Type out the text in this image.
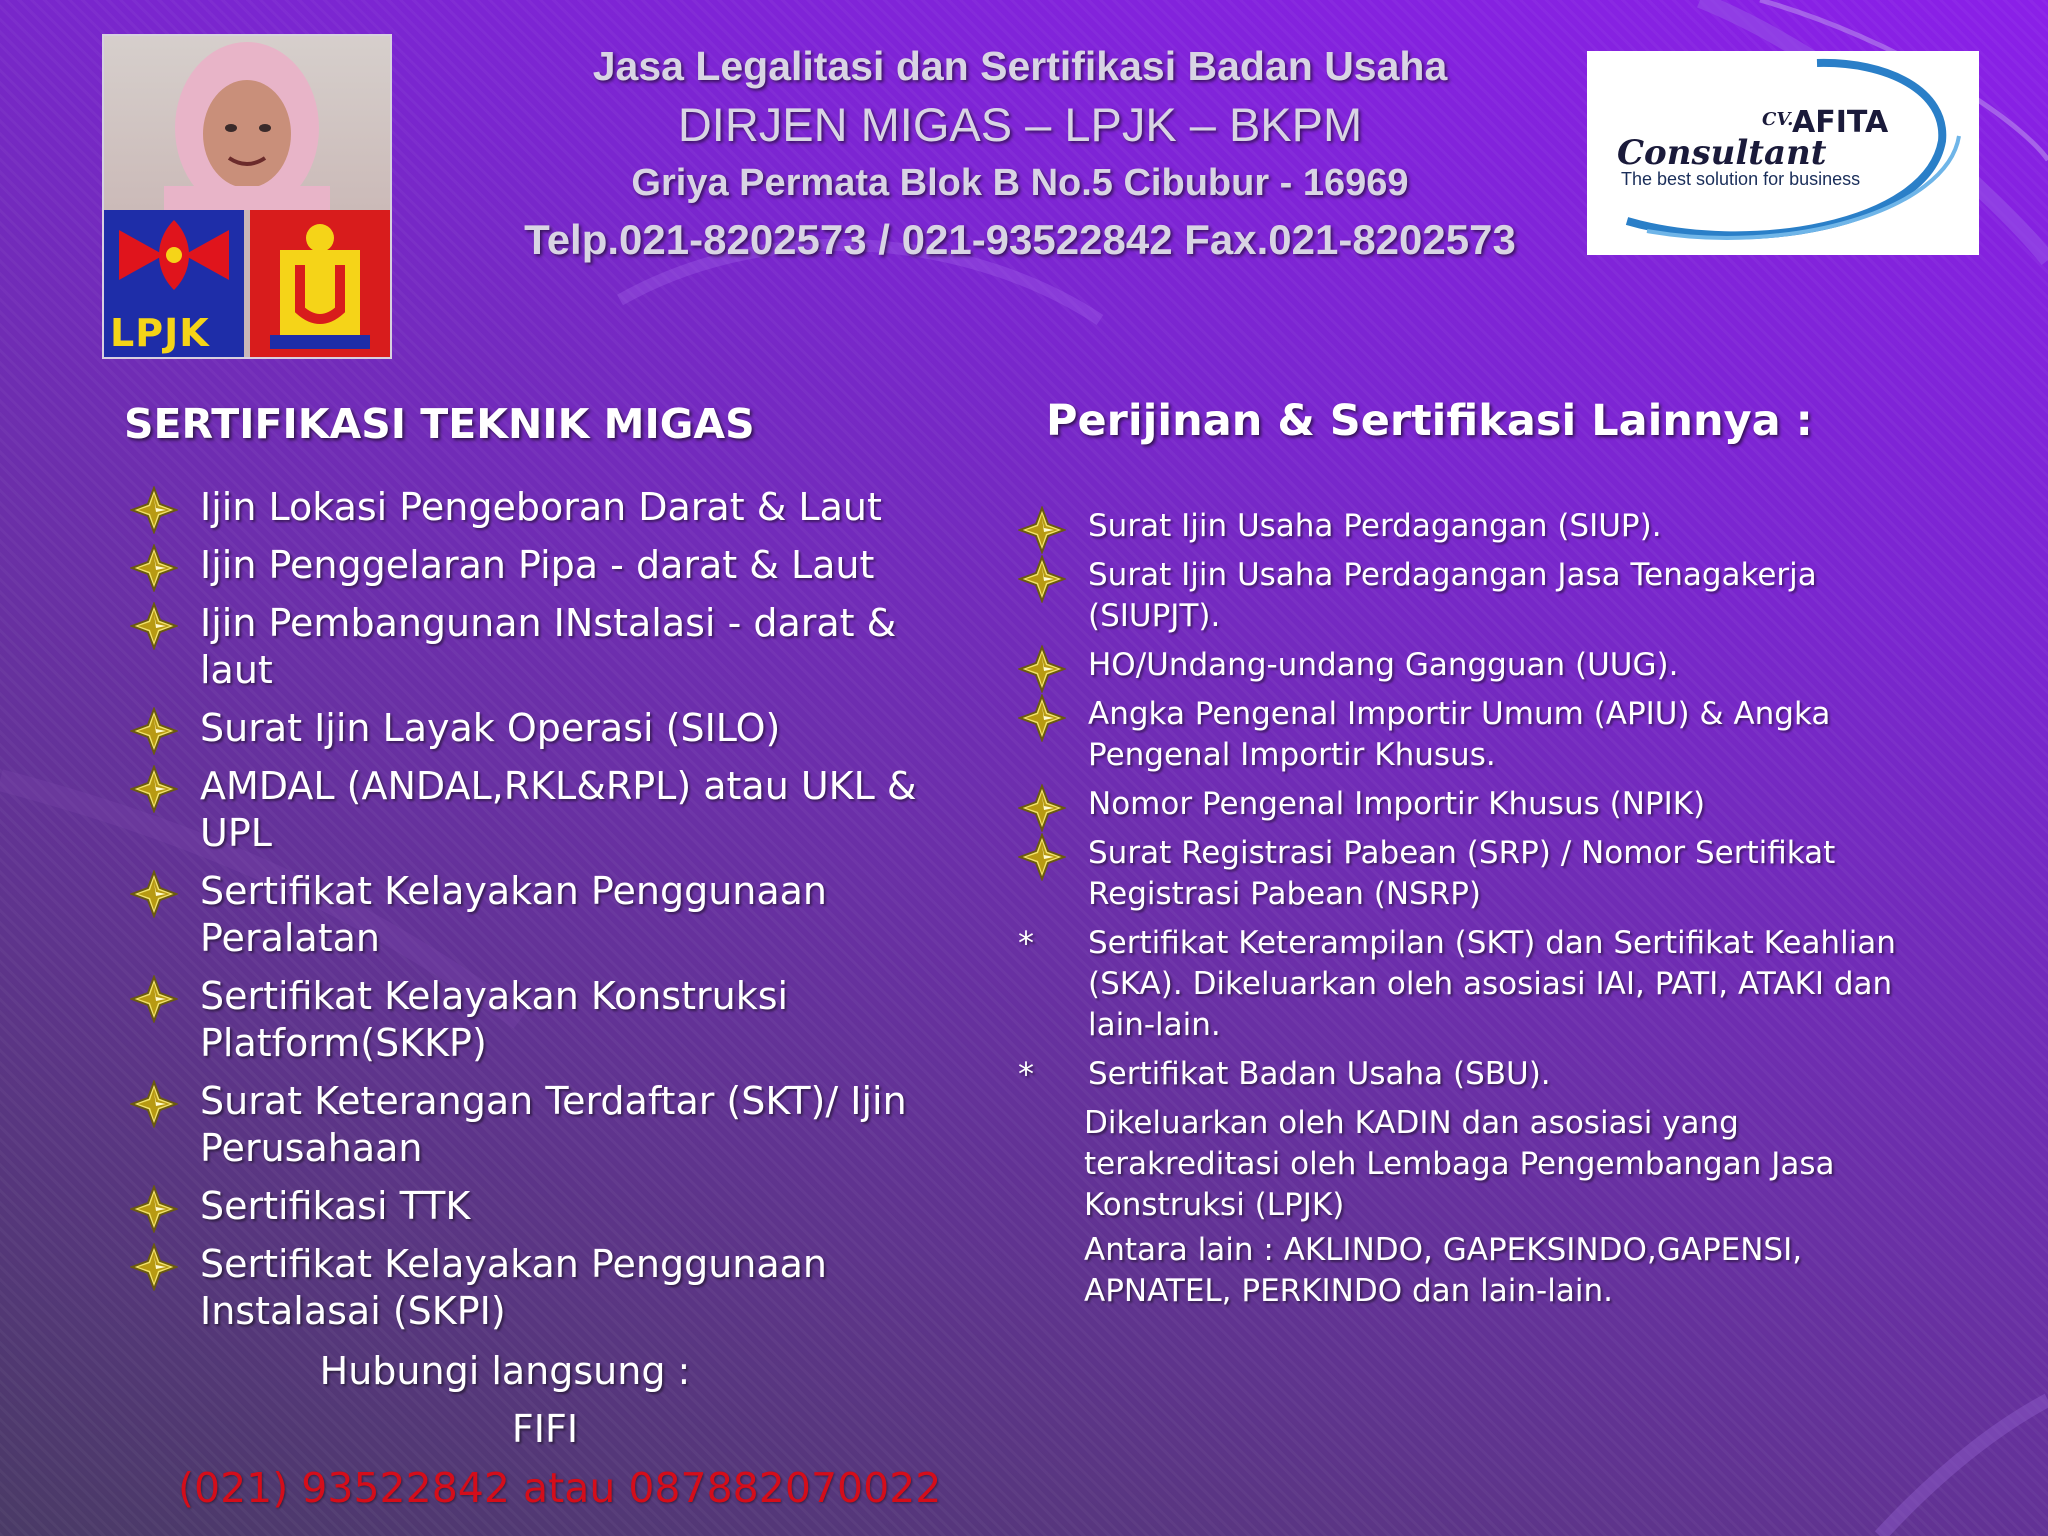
LPJK
Jasa Legalitasi dan Sertifikasi Badan Usaha
DIRJEN MIGAS – LPJK – BKPM
Griya Permata Blok B No.5 Cibubur - 16969
Telp.021-8202573 / 021-93522842 Fax.021-8202573
CV.
AFITA
Consultant
The best solution for business
SERTIFIKASI TEKNIK MIGAS	Perijinan & Sertifikasi Lainnya :
Ijin Lokasi Pengeboran Darat & Laut
Ijin Penggelaran Pipa - darat & Laut
Ijin Pembangunan INstalasi - darat & laut
Surat Ijin Layak Operasi (SILO)
AMDAL (ANDAL,RKL&RPL) atau UKL & UPL
Sertifikat Kelayakan Penggunaan Peralatan
Sertifikat Kelayakan Konstruksi Platform(SKKP)
Surat Keterangan Terdaftar (SKT)/ Ijin Perusahaan
Sertifikasi TTK
Sertifikat Kelayakan Penggunaan Instalasai (SKPI)
Hubungi langsung :
FIFI
(021) 93522842 atau 087882070022
Surat Ijin Usaha Perdagangan (SIUP).
Surat Ijin Usaha Perdagangan Jasa Tenagakerja (SIUPJT).
HO/Undang-undang Gangguan (UUG).
Angka Pengenal Importir Umum (APIU) & Angka Pengenal Importir Khusus.
Nomor Pengenal Importir Khusus (NPIK)
Surat Registrasi Pabean (SRP) / Nomor Sertifikat Registrasi Pabean (NSRP)
* Sertifikat Keterampilan (SKT) dan Sertifikat Keahlian (SKA). Dikeluarkan oleh asosiasi IAI, PATI, ATAKI dan lain-lain.
* Sertifikat Badan Usaha (SBU).
Dikeluarkan oleh KADIN dan asosiasi yang terakreditasi oleh Lembaga Pengembangan Jasa Konstruksi (LPJK)
Antara lain : AKLINDO, GAPEKSINDO,GAPENSI, APNATEL, PERKINDO dan lain-lain.
